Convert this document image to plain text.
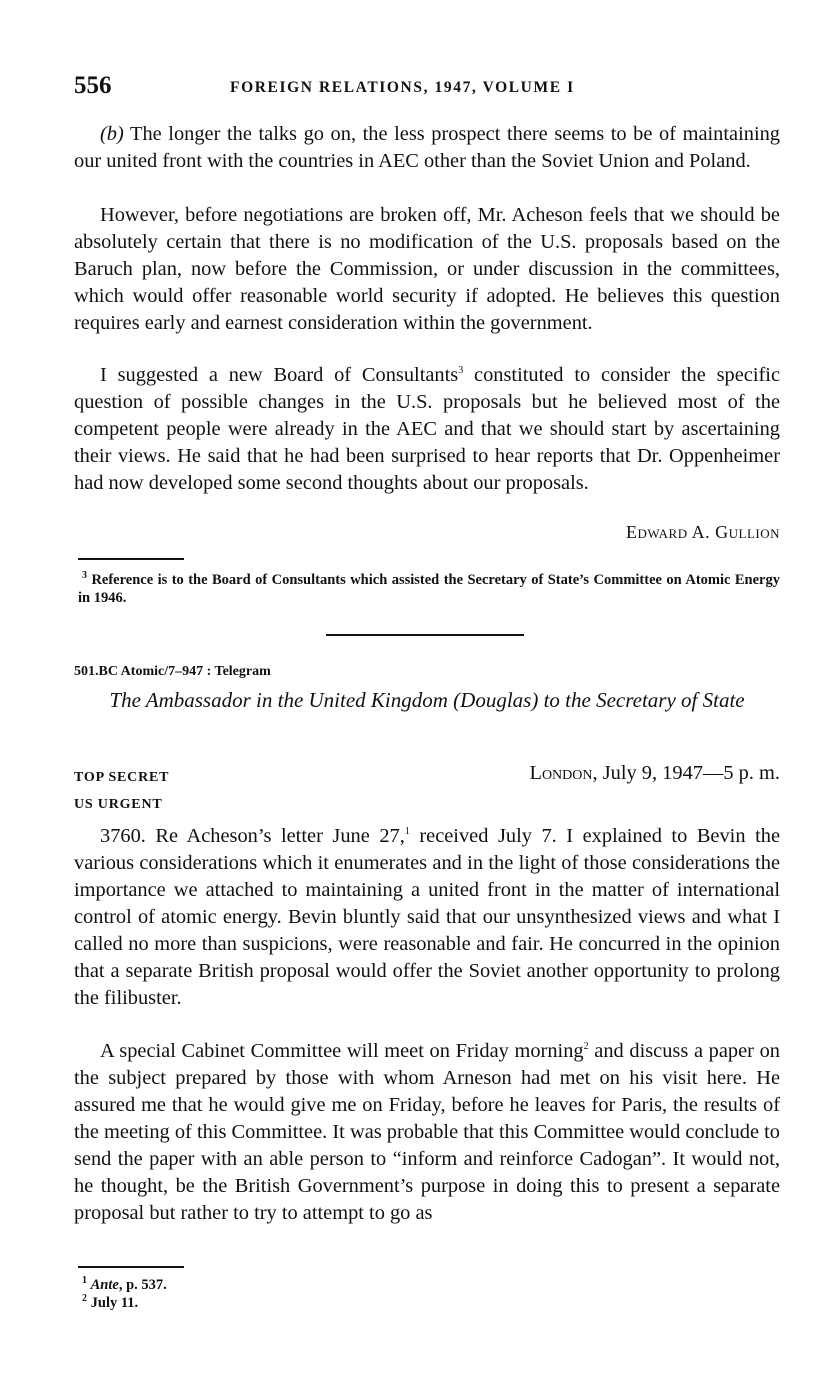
556	FOREIGN RELATIONS, 1947, VOLUME I

(b) The longer the talks go on, the less prospect there seems to be of maintaining our united front with the countries in AEC other than the Soviet Union and Poland.

However, before negotiations are broken off, Mr. Acheson feels that we should be absolutely certain that there is no modification of the U.S. proposals based on the Baruch plan, now before the Commission, or under discussion in the committees, which would offer reasonable world security if adopted. He believes this question requires early and earnest consideration within the government.

I suggested a new Board of Consultants$^3$ constituted to consider the specific question of possible changes in the U.S. proposals but he believed most of the competent people were already in the AEC and that we should start by ascertaining their views. He said that he had been surprised to hear reports that Dr. Oppenheimer had now developed some second thoughts about our proposals.

Edward A. Gullion

$^3$ Reference is to the Board of Consultants which assisted the Secretary of State’s Committee on Atomic Energy in 1946.

501.BC Atomic/7–947 : Telegram

The Ambassador in the United Kingdom (Douglas) to the Secretary of State

TOP SECRET
US URGENT
London, July 9, 1947—5 p. m.

3760. Re Acheson’s letter June 27,$^1$ received July 7. I explained to Bevin the various considerations which it enumerates and in the light of those considerations the importance we attached to maintaining a united front in the matter of international control of atomic energy. Bevin bluntly said that our unsynthesized views and what I called no more than suspicions, were reasonable and fair. He concurred in the opinion that a separate British proposal would offer the Soviet another opportunity to prolong the filibuster.

A special Cabinet Committee will meet on Friday morning$^2$ and discuss a paper on the subject prepared by those with whom Arneson had met on his visit here. He assured me that he would give me on Friday, before he leaves for Paris, the results of the meeting of this Committee. It was probable that this Committee would conclude to send the paper with an able person to “inform and reinforce Cadogan”. It would not, he thought, be the British Government’s purpose in doing this to present a separate proposal but rather to try to attempt to go as

$^1$ Ante, p. 537.
$^2$ July 11.
